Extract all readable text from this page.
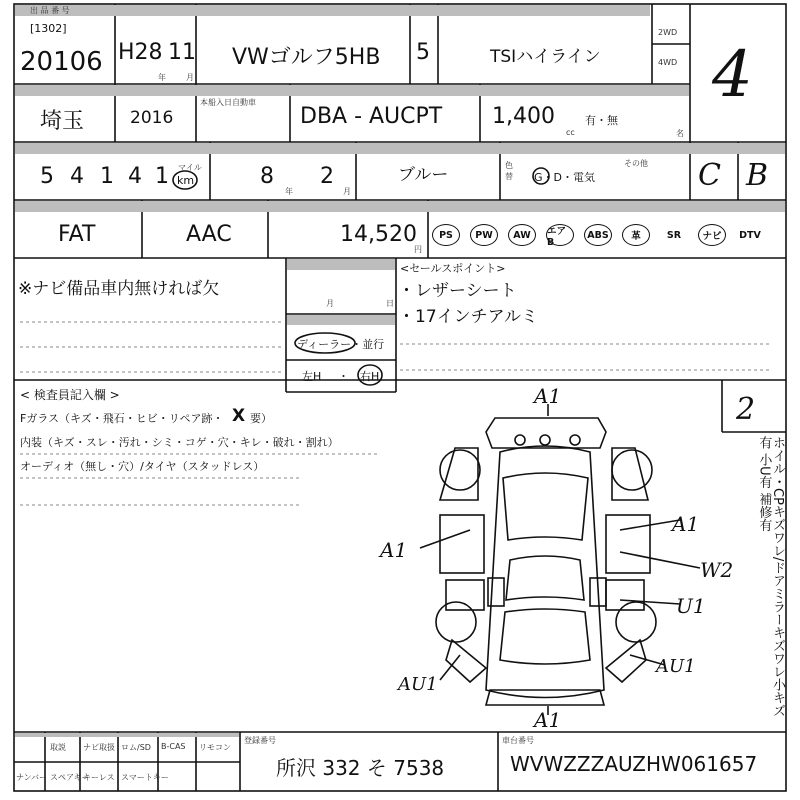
出 品 番 号
[1302]
20106 H28 11
年	月
VWゴルフ5HB 5	TSIハイライン
2WD
4WD 4
埼玉	2016
本船入日自動車
DBA - AUCPT 1,400
cc
有・無
名
5 4 1 4 1 マイル
km	8
年
2
月
ブルー	色替 G・D・電気
その他 C B
FAT	AAC	14,520
円
PS	PW	AW	エアB
ABS	革	SR	ナビ	DTV
※ナビ備品車内無ければ欠
月	日
ディーラー・並行
左H ・ 右H
<セールスポイント>
・レザーシート
・17インチアルミ
< 検査員記入欄 >
Fガラス（キズ・飛石・ヒビ・リペア跡・ X 要）
内装（キズ・スレ・汚れ・シミ・コゲ・穴・キレ・破れ・割れ）
オーディオ（無し・穴）/タイヤ（スタッドレス）
A1
A1
AU1
A1
W2
U1
AU1
A1
2
ホイル・CPキズワレ/ドアミラーキズワレ小キズ有 小U有 補修有
取説 ナビ取扱 ロム/SD B-CAS リモコン
ナンバー スペアキー
キーレス スマートキー
登録番号
所沢 332 そ 7538
車台番号
WVWZZZAUZHW061657
